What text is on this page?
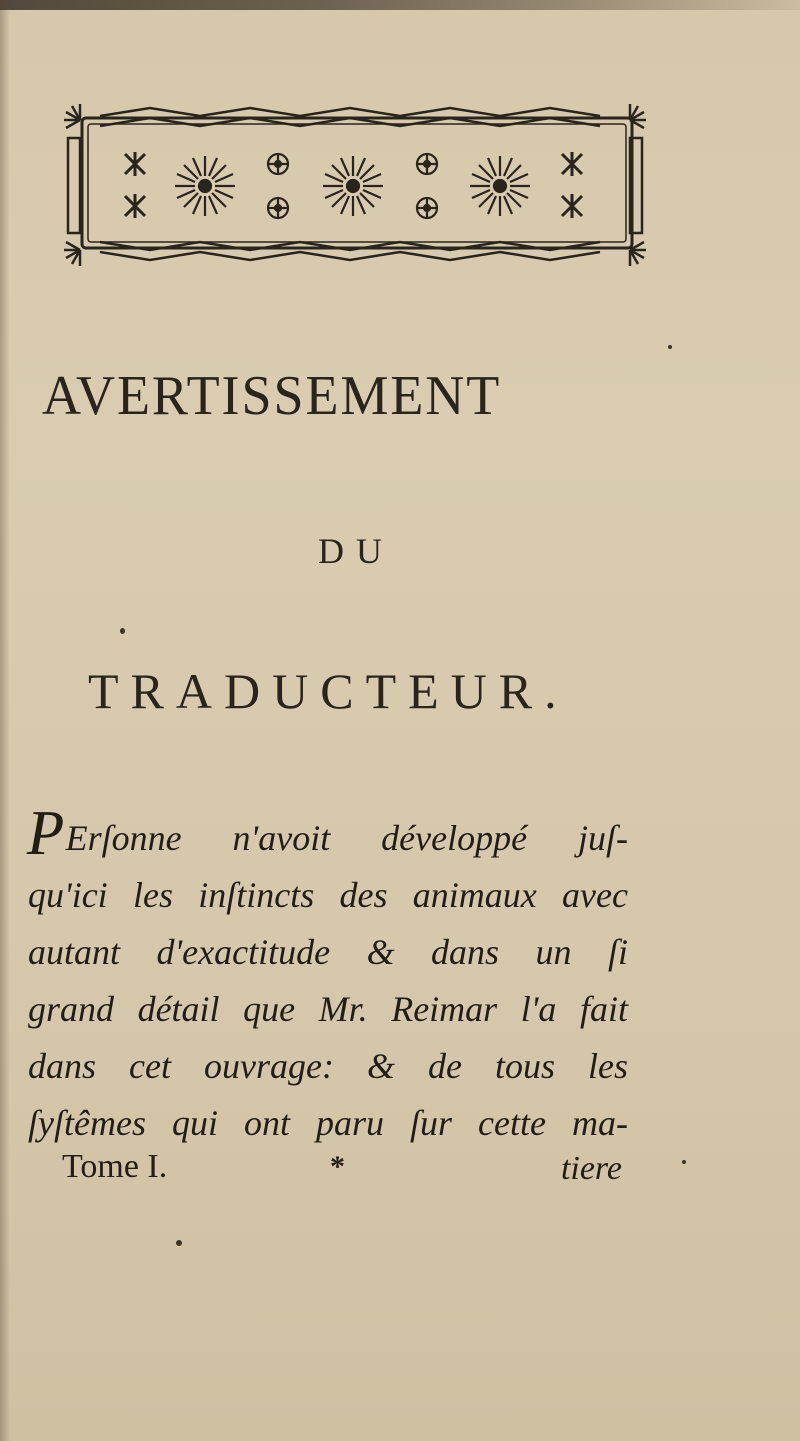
AVERTISSEMENT
DU
TRADUCTEUR.
PErſonne n'avoit développé juſ-
qu'ici les inſtincts des animaux avec
autant d'exactitude & dans un ſi
grand détail que Mr. Reimar l'a fait
dans cet ouvrage: & de tous les
ſyſtêmes qui ont paru ſur cette ma-
Tome I.	*	tiere
